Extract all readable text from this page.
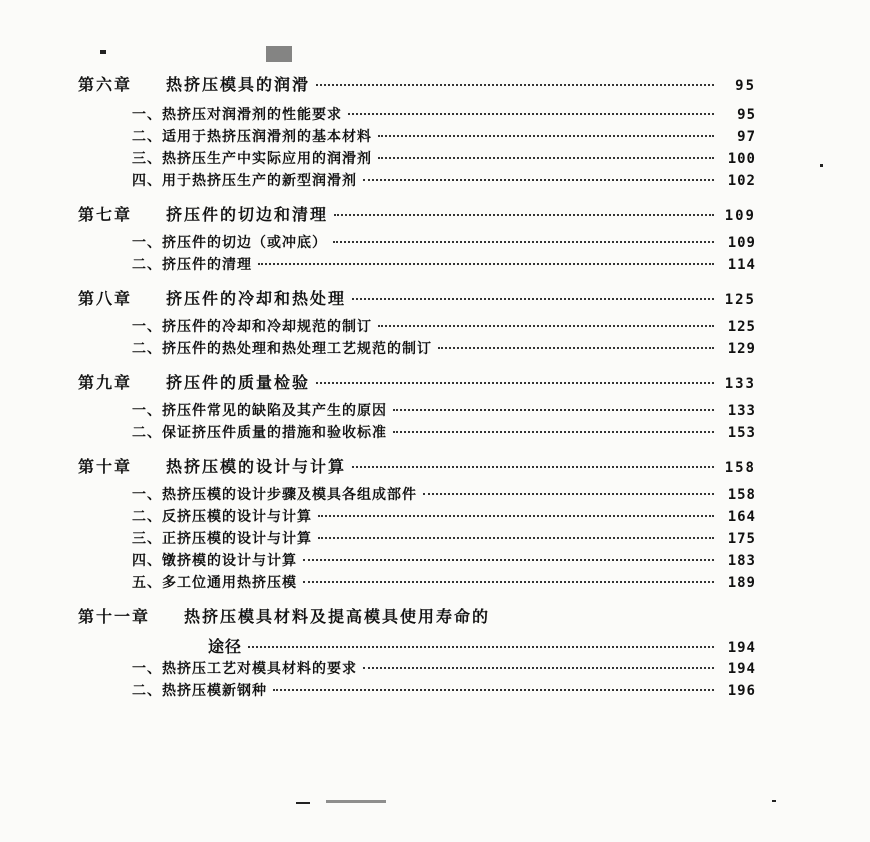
第六章 热挤压模具的润滑	95
一、 热挤压对润滑剂的性能要求	95
二、 适用于热挤压润滑剂的基本材料	97
三、 热挤压生产中实际应用的润滑剂	100
四、 用于热挤压生产的新型润滑剂	102
第七章 挤压件的切边和清理	109
一、 挤压件的切边（或冲底）	109
二、 挤压件的清理	114
第八章 挤压件的冷却和热处理	125
一、 挤压件的冷却和冷却规范的制订	125
二、 挤压件的热处理和热处理工艺规范的制订	129
第九章 挤压件的质量检验	133
一、 挤压件常见的缺陷及其产生的原因	133
二、 保证挤压件质量的措施和验收标准	153
第十章 热挤压模的设计与计算	158
一、 热挤压模的设计步骤及模具各组成部件	158
二、 反挤压模的设计与计算	164
三、 正挤压模的设计与计算	175
四、 镦挤模的设计与计算	183
五、 多工位通用热挤压模	189
第十一章 热挤压模具材料及提高模具使用寿命的
途径	194
一、 热挤压工艺对模具材料的要求	194
二、 热挤压模新钢种	196
